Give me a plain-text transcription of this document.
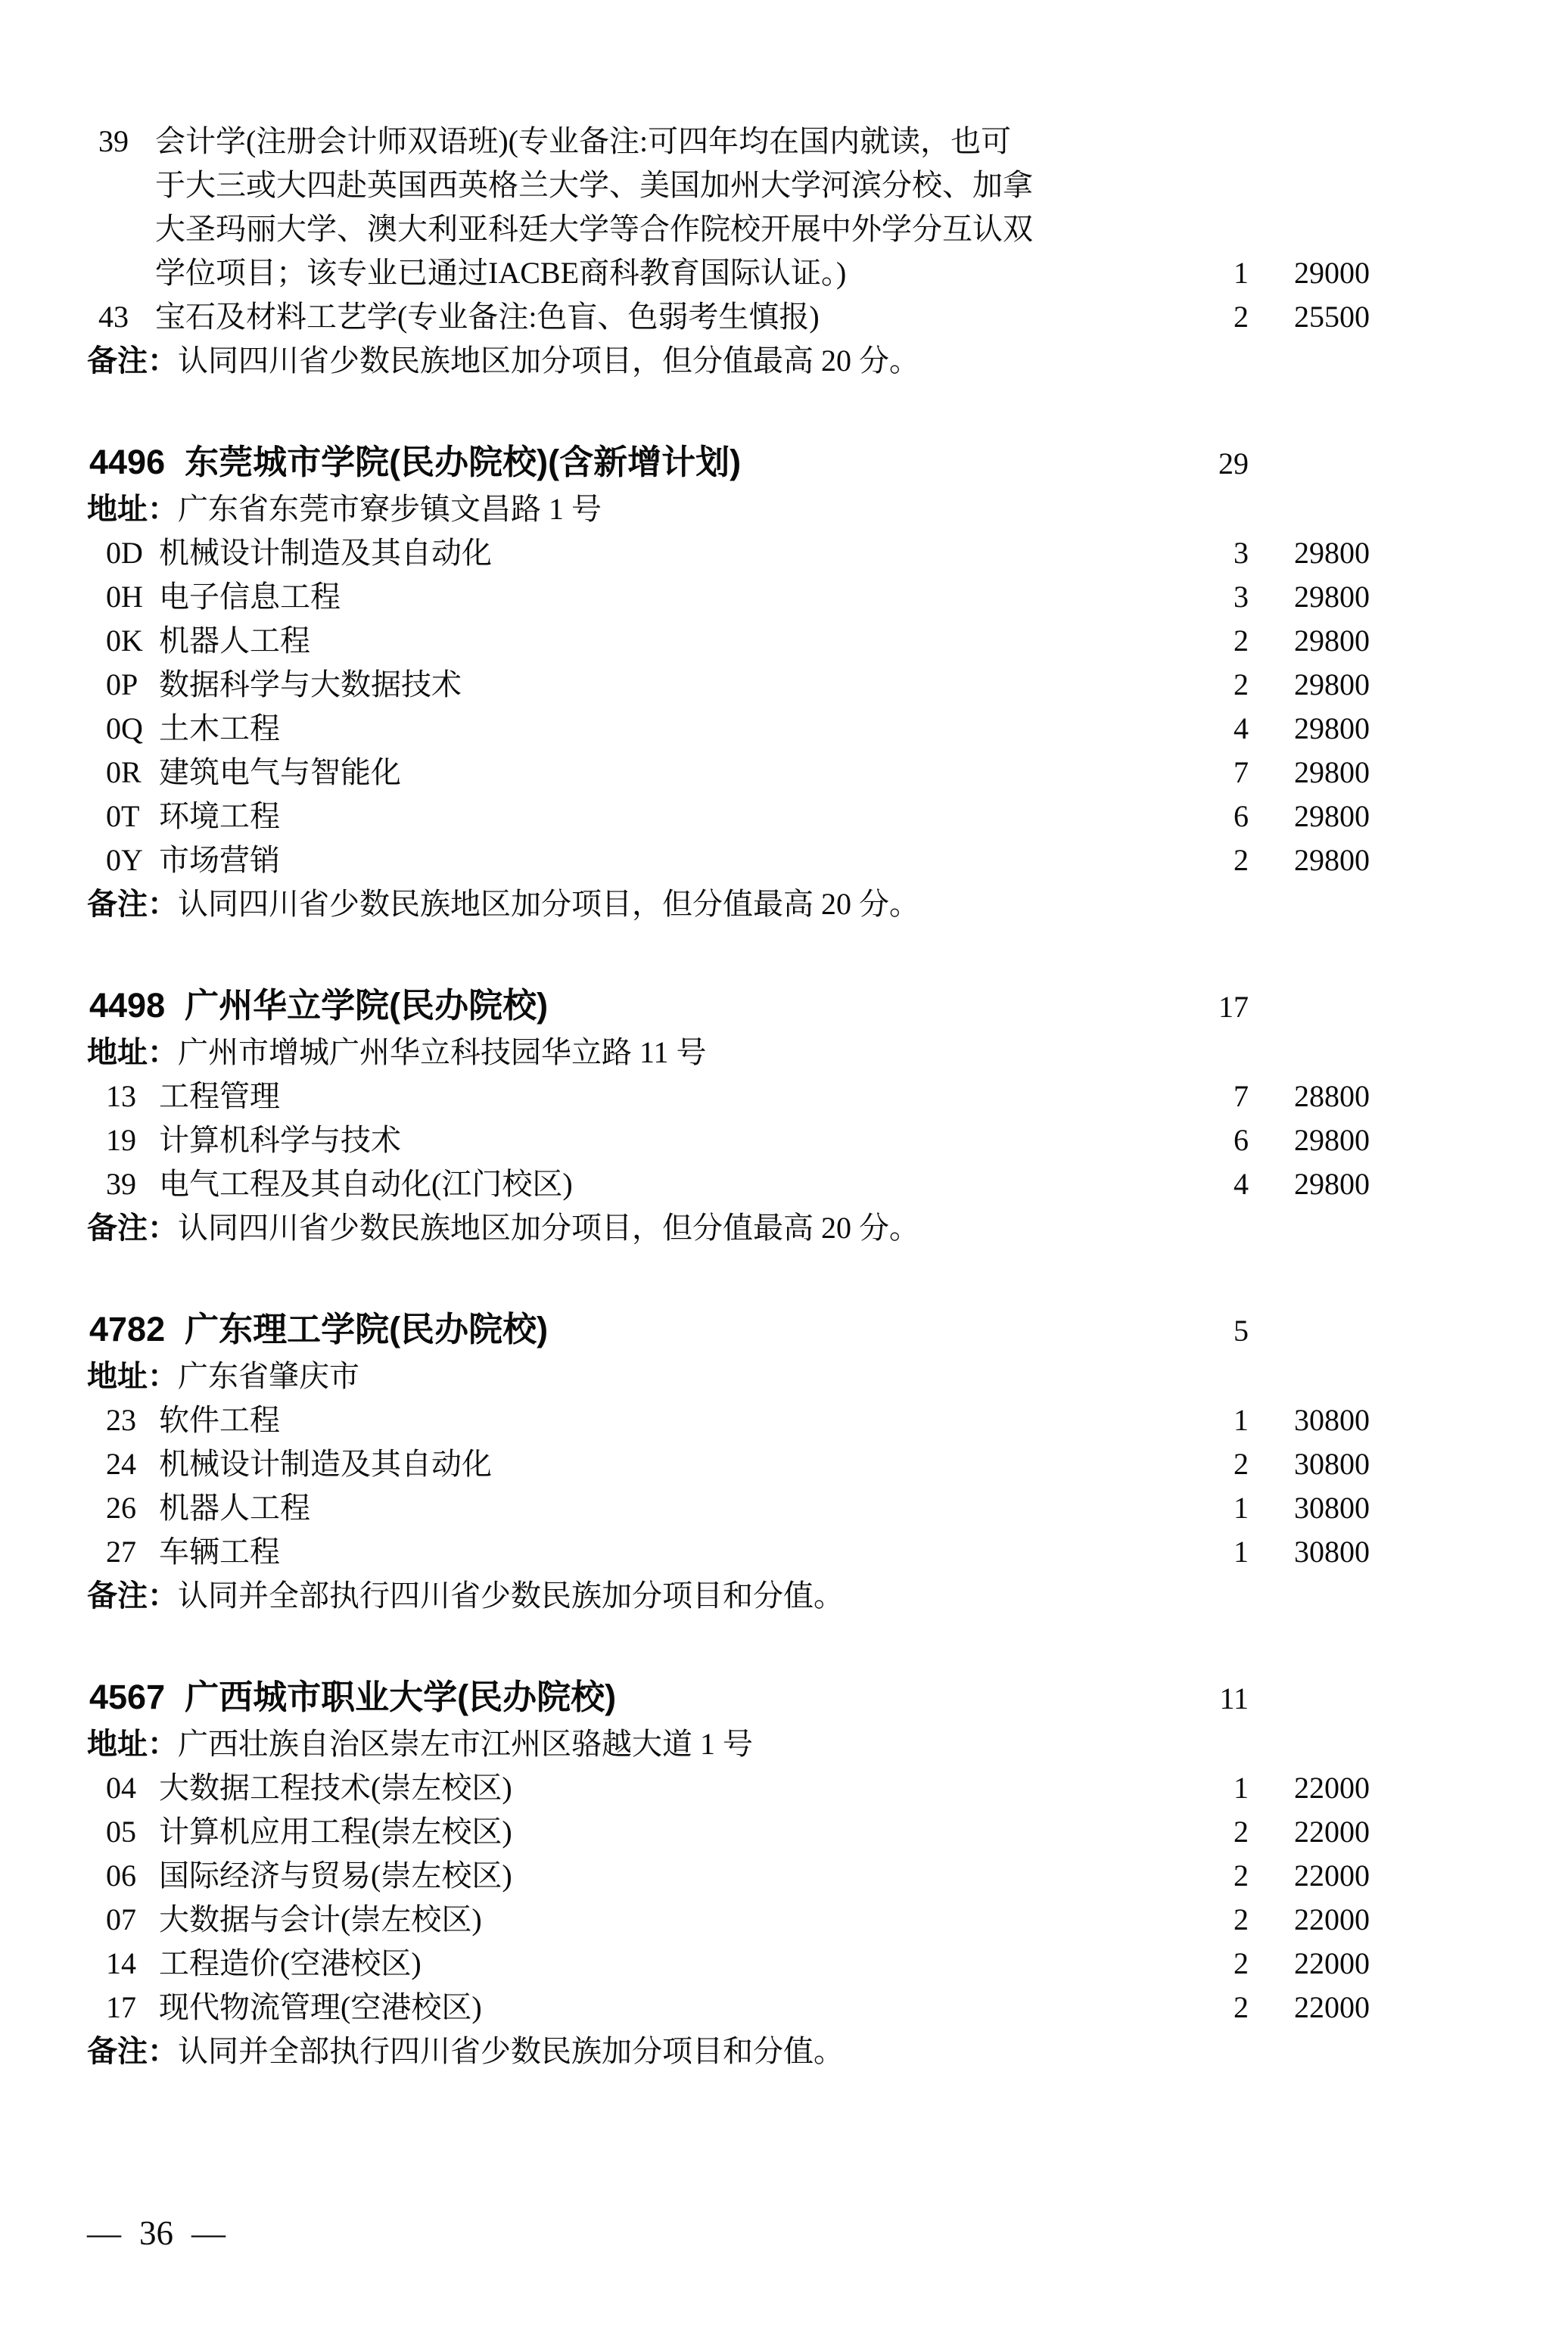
39 会计学(注册会计师双语班)(专业备注:可四年均在国内就读，也可
于大三或大四赴英国西英格兰大学、美国加州大学河滨分校、加拿
大圣玛丽大学、澳大利亚科廷大学等合作院校开展中外学分互认双
学位项目；该专业已通过IACBE商科教育国际认证。)	1	29000
43 宝石及材料工艺学(专业备注:色盲、色弱考生慎报)	2	25500
备注：认同四川省少数民族地区加分项目，但分值最高 20 分。
4496 东莞城市学院(民办院校)(含新增计划)	29
地址：广东省东莞市寮步镇文昌路 1 号
0D 机械设计制造及其自动化	3	29800
0H 电子信息工程	3	29800
0K 机器人工程	2	29800
0P 数据科学与大数据技术	2	29800
0Q 土木工程	4	29800
0R 建筑电气与智能化	7	29800
0T 环境工程	6	29800
0Y 市场营销	2	29800
备注：认同四川省少数民族地区加分项目，但分值最高 20 分。
4498 广州华立学院(民办院校)	17
地址：广州市增城广州华立科技园华立路 11 号
13 工程管理	7	28800
19 计算机科学与技术	6	29800
39 电气工程及其自动化(江门校区)	4	29800
备注：认同四川省少数民族地区加分项目，但分值最高 20 分。
4782 广东理工学院(民办院校)	5
地址：广东省肇庆市
23 软件工程	1	30800
24 机械设计制造及其自动化	2	30800
26 机器人工程	1	30800
27 车辆工程	1	30800
备注：认同并全部执行四川省少数民族加分项目和分值。
4567 广西城市职业大学(民办院校)	11
地址：广西壮族自治区崇左市江州区骆越大道 1 号
04 大数据工程技术(崇左校区)	1	22000
05 计算机应用工程(崇左校区)	2	22000
06 国际经济与贸易(崇左校区)	2	22000
07 大数据与会计(崇左校区)	2	22000
14 工程造价(空港校区)	2	22000
17 现代物流管理(空港校区)	2	22000
备注：认同并全部执行四川省少数民族加分项目和分值。
— 36 —
